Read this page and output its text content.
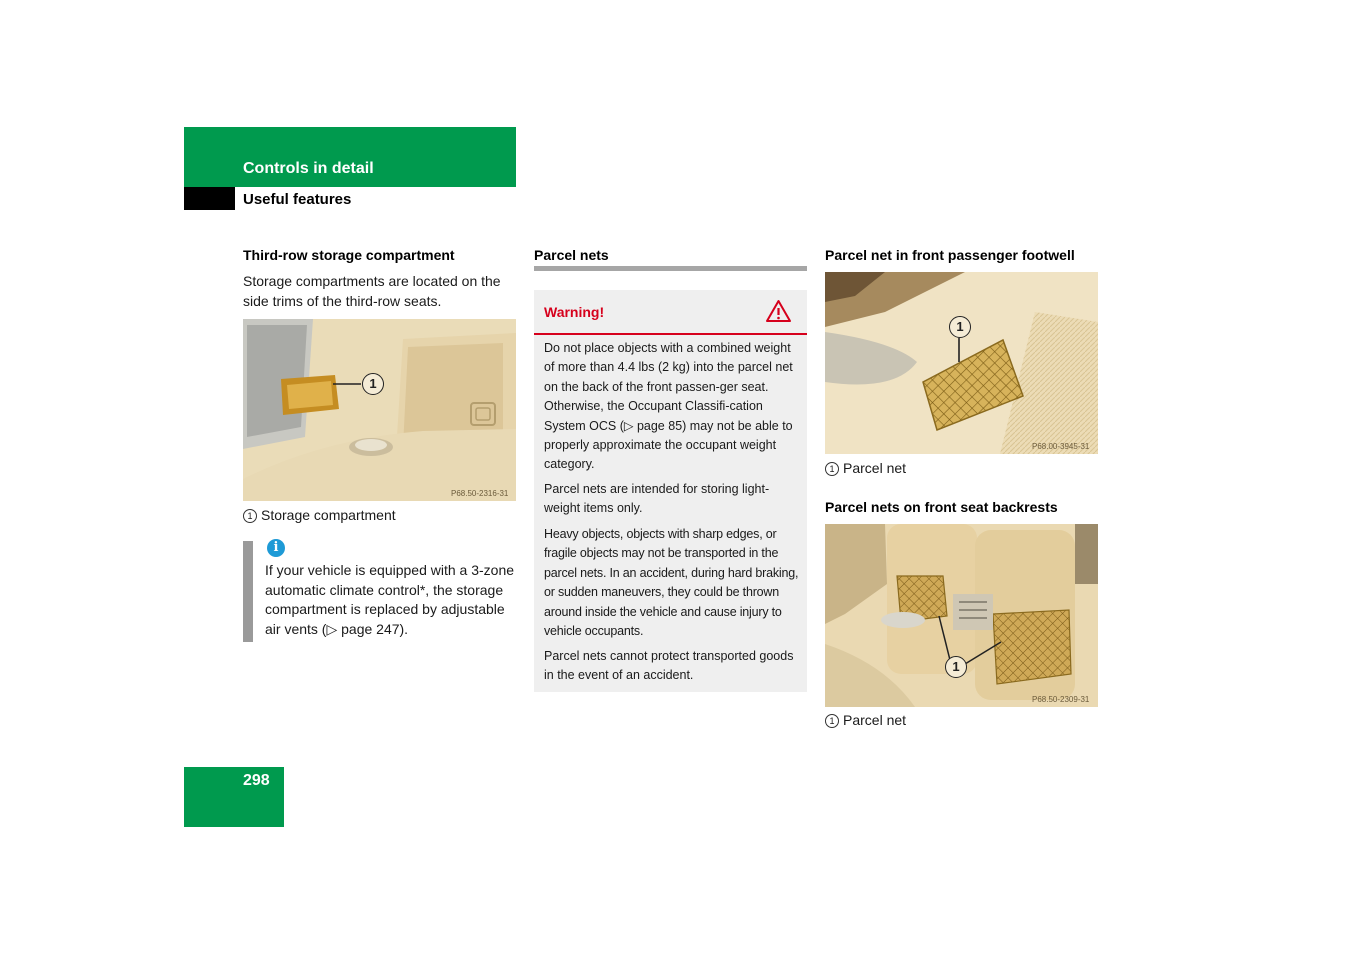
Controls in detail
Useful features
Third-row storage compartment
Storage compartments are located on the side trims of the third-row seats.
1
P68.50-2316-31
1 Storage compartment
i
If your vehicle is equipped with a 3-zone automatic climate control*, the storage compartment is replaced by adjustable air vents (▷ page 247).
Parcel nets
Warning!
Do not place objects with a combined weight of more than 4.4 lbs (2 kg) into the parcel net on the back of the front passen-ger seat. Otherwise, the Occupant Classifi-cation System OCS (▷ page 85) may not be able to properly approximate the occupant weight category.
Parcel nets are intended for storing light-weight items only.
Heavy objects, objects with sharp edges, or fragile objects may not be transported in the parcel nets. In an accident, during hard braking, or sudden maneuvers, they could be thrown around inside the vehicle and cause injury to vehicle occupants.
Parcel nets cannot protect transported goods in the event of an accident.
Parcel net in front passenger footwell
1
P68.00-3945-31
1 Parcel net
Parcel nets on front seat backrests
1
P68.50-2309-31
1 Parcel net
298
